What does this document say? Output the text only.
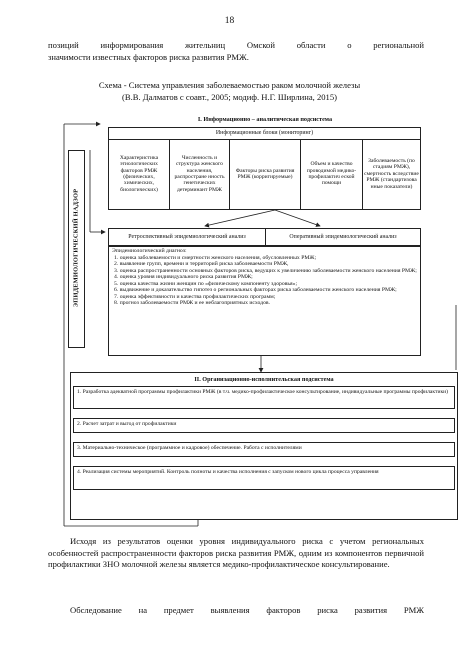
18
позиций информирования жительниц Омской области о региональной
значимости известных факторов риска развития РМЖ.
Схема - Система управления заболеваемостью раком молочной железы
(В.В. Далматов с соавт., 2005; модиф. Н.Г. Ширлина, 2015)
I. Информационно – аналитическая подсистема
Информационные блоки (мониторинг)
Характеристика этиологических факторов РМЖ (физических, химических, биологических)
Численность и структура женского населения, распростране нность генетических детерминант РМЖ
Факторы риска развития РМЖ (корригируемые)
Объем и качество проводимой медико-профилактич еской помощи
Заболеваемость (по стадиям РМЖ), смертность вследствие РМЖ (стандартизова нные показатели)
ЭПИДЕМИОЛОГИЧЕСКИЙ НАДЗОР	Ретроспективный эпидемиологический анализ	Оперативный эпидемиологический анализ
Эпидемиологический диагноз:
1. оценка заболеваемости и смертности женского населения, обусловленных РМЖ;
2. выявление групп, времени и территорий риска заболеваемости РМЖ,
3. оценка распространенности основных факторов риска, ведущих к увеличению заболеваемости женского населения РМЖ;
4. оценка уровня индивидуального риска развития РМЖ;
5. оценка качества жизни женщин по «физическому компоненту здоровья»;
6. выдвижение и доказательство гипотез о региональных факторах риска заболеваемости женского населения РМЖ;
7. оценка эффективности и качества профилактических программ;
8. прогноз заболеваемости РМЖ и ее неблагоприятных исходов.
II. Организационно-исполнительская подсистема
1. Разработка адекватной программы профилактики РМЖ (в т.ч. медико-профилактическое консультирование, индивидуальные программы профилактики)
2. Расчет затрат и выгод от профилактики
3. Материально-техническое (программное и кадровое) обеспечение. Работа с исполнителями
4. Реализация системы мероприятий. Контроль полноты и качества исполнения с запуском нового цикла процесса управления
Исходя из результатов оценки уровня индивидуального риска с учетом региональных особенностей распространенности факторов риска развития РМЖ, одним из компонентов первичной профилактики ЗНО молочной железы является медико-профилактическое консультирование.
Обследование на предмет выявления факторов риска развития РМЖ
